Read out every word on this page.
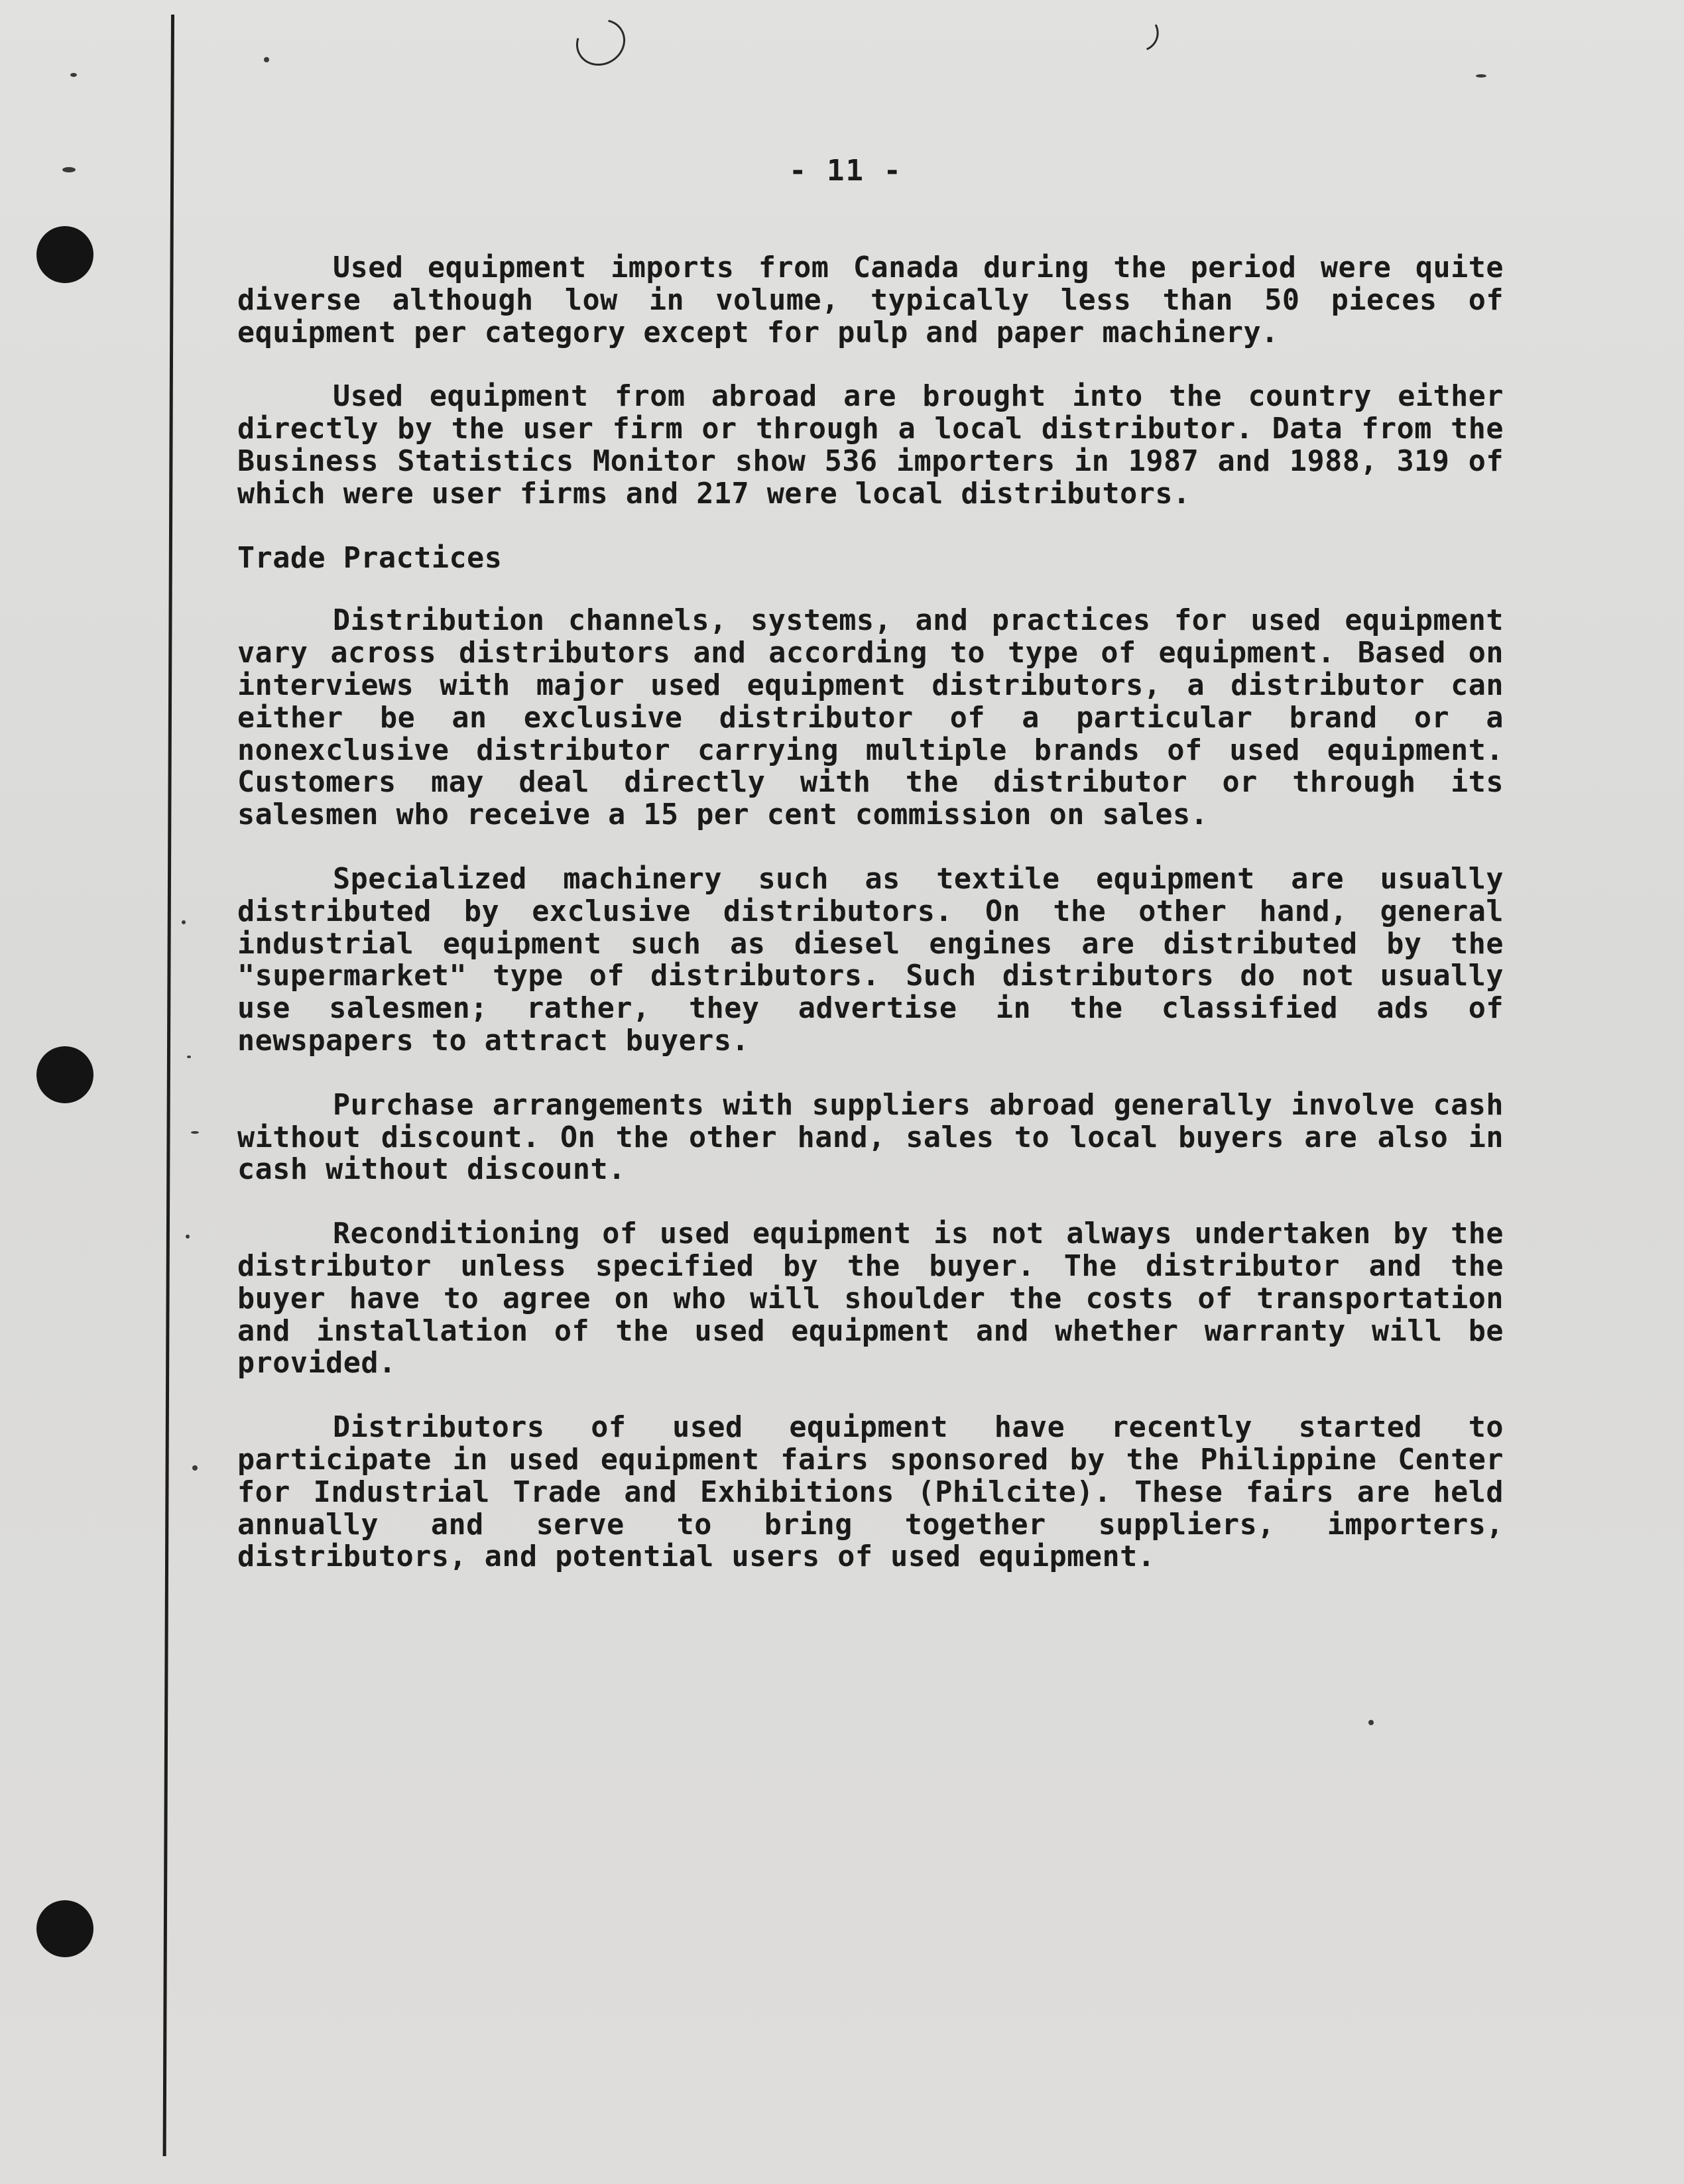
- 11 -

Used equipment imports from Canada during the period were quite diverse although low in volume, typically less than 50 pieces of equipment per category except for pulp and paper machinery.

Used equipment from abroad are brought into the country either directly by the user firm or through a local distributor. Data from the Business Statistics Monitor show 536 importers in 1987 and 1988, 319 of which were user firms and 217 were local distributors.

Trade Practices

Distribution channels, systems, and practices for used equipment vary across distributors and according to type of equipment. Based on interviews with major used equipment distributors, a distributor can either be an exclusive distributor of a particular brand or a nonexclusive distributor carrying multiple brands of used equipment. Customers may deal directly with the distributor or through its salesmen who receive a 15 per cent commission on sales.

Specialized machinery such as textile equipment are usually distributed by exclusive distributors. On the other hand, general industrial equipment such as diesel engines are distributed by the "supermarket" type of distributors. Such distributors do not usually use salesmen; rather, they advertise in the classified ads of newspapers to attract buyers.

Purchase arrangements with suppliers abroad generally involve cash without discount. On the other hand, sales to local buyers are also in cash without discount.

Reconditioning of used equipment is not always undertaken by the distributor unless specified by the buyer. The distributor and the buyer have to agree on who will shoulder the costs of transportation and installation of the used equipment and whether warranty will be provided.

Distributors of used equipment have recently started to participate in used equipment fairs sponsored by the Philippine Center for Industrial Trade and Exhibitions (Philcite). These fairs are held annually and serve to bring together suppliers, importers, distributors, and potential users of used equipment.
